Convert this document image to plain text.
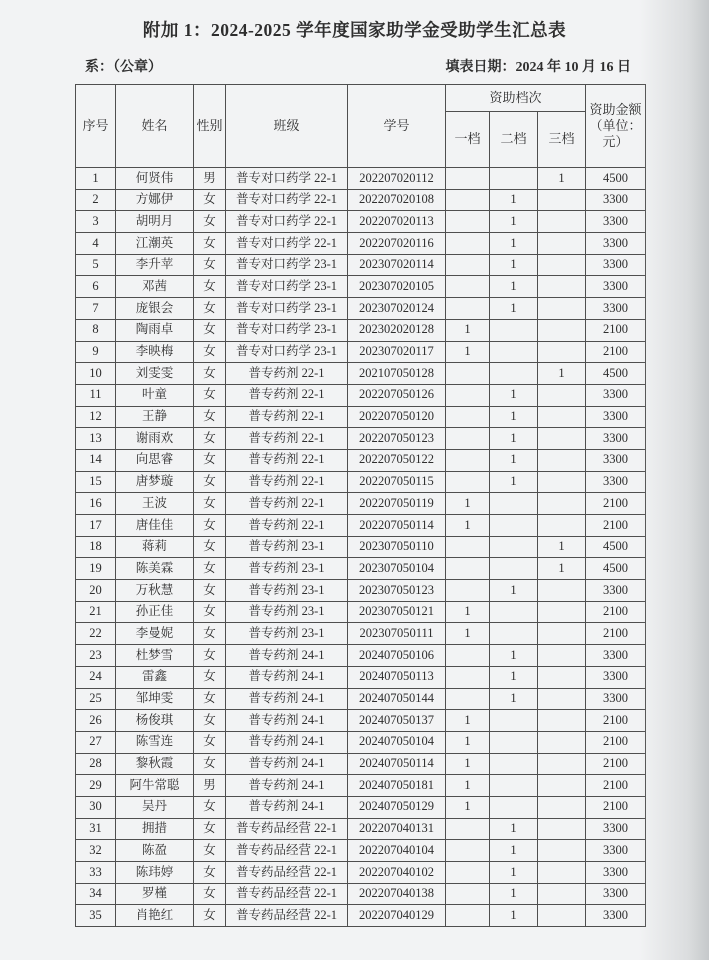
附加 1：2024-2025 学年度国家助学金受助学生汇总表
系：（公章）	填表日期：2024 年 10 月 16 日
序号	姓名	性别	班级	学号	资助档次			资助金额（单位：元）
					一档	二档	三档	
1	何贤伟	男	普专对口药学 22-1	202207020112			1	4500
2	方娜伊	女	普专对口药学 22-1	202207020108		1		3300
3	胡明月	女	普专对口药学 22-1	202207020113		1		3300
4	江潮英	女	普专对口药学 22-1	202207020116		1		3300
5	李升苹	女	普专对口药学 23-1	202307020114		1		3300
6	邓茜	女	普专对口药学 23-1	202307020105		1		3300
7	庞银会	女	普专对口药学 23-1	202307020124		1		3300
8	陶雨卓	女	普专对口药学 23-1	202302020128	1			2100
9	李映梅	女	普专对口药学 23-1	202307020117	1			2100
10	刘雯雯	女	普专药剂 22-1	202107050128			1	4500
11	叶童	女	普专药剂 22-1	202207050126		1		3300
12	王静	女	普专药剂 22-1	202207050120		1		3300
13	谢雨欢	女	普专药剂 22-1	202207050123		1		3300
14	向思睿	女	普专药剂 22-1	202207050122		1		3300
15	唐梦璇	女	普专药剂 22-1	202207050115		1		3300
16	王波	女	普专药剂 22-1	202207050119	1			2100
17	唐佳佳	女	普专药剂 22-1	202207050114	1			2100
18	蒋莉	女	普专药剂 23-1	202307050110			1	4500
19	陈美霖	女	普专药剂 23-1	202307050104			1	4500
20	万秋慧	女	普专药剂 23-1	202307050123		1		3300
21	孙正佳	女	普专药剂 23-1	202307050121	1			2100
22	李曼妮	女	普专药剂 23-1	202307050111	1			2100
23	杜梦雪	女	普专药剂 24-1	202407050106		1		3300
24	雷鑫	女	普专药剂 24-1	202407050113		1		3300
25	邹坤雯	女	普专药剂 24-1	202407050144		1		3300
26	杨俊琪	女	普专药剂 24-1	202407050137	1			2100
27	陈雪连	女	普专药剂 24-1	202407050104	1			2100
28	黎秋霞	女	普专药剂 24-1	202407050114	1			2100
29	阿牛常聪	男	普专药剂 24-1	202407050181	1			2100
30	吴丹	女	普专药剂 24-1	202407050129	1			2100
31	拥措	女	普专药品经营 22-1	202207040131		1		3300
32	陈盈	女	普专药品经营 22-1	202207040104		1		3300
33	陈玮婷	女	普专药品经营 22-1	202207040102		1		3300
34	罗槿	女	普专药品经营 22-1	202207040138		1		3300
35	肖艳红	女	普专药品经营 22-1	202207040129		1		3300
